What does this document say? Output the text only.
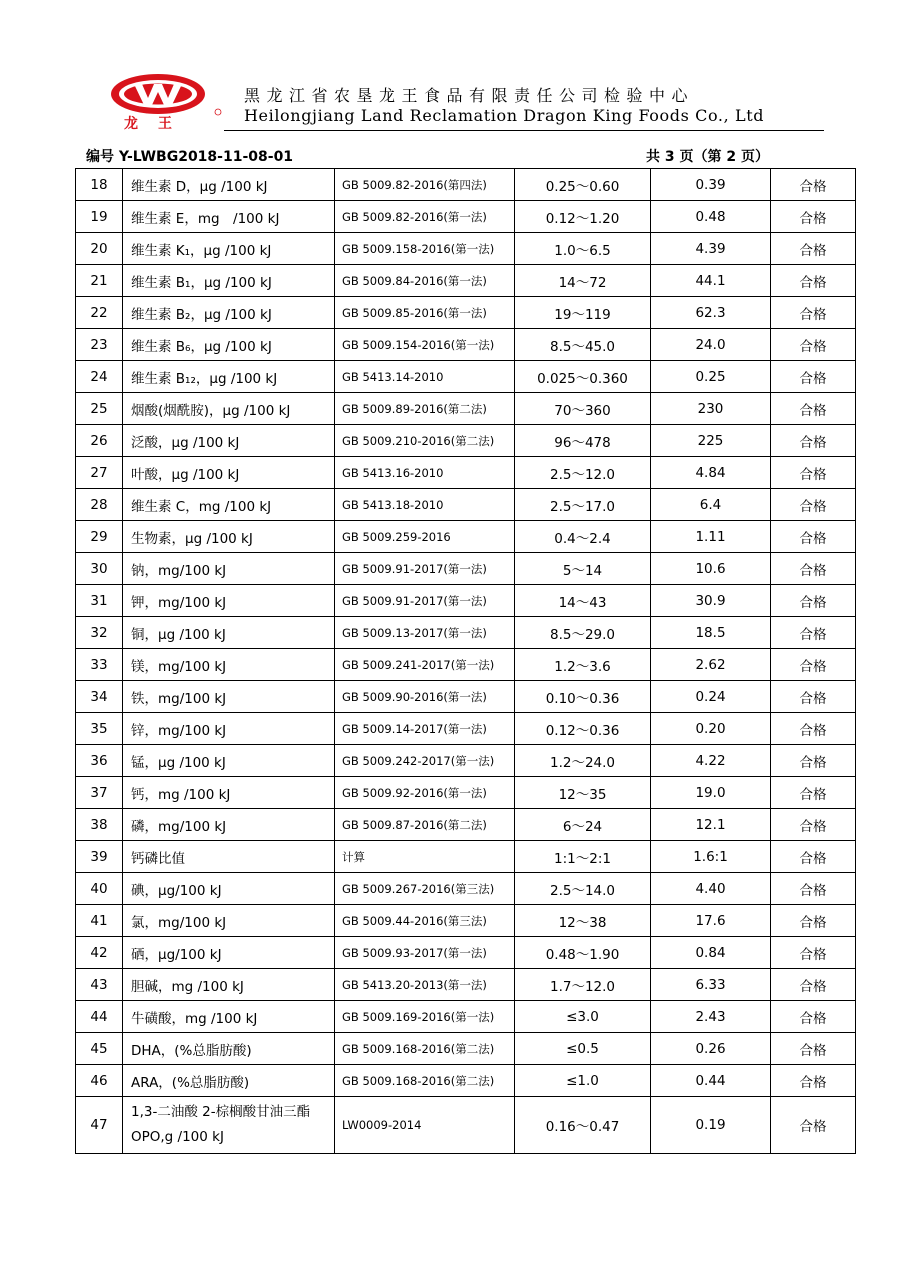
龙王
黑龙江省农垦龙王食品有限责任公司检验中心
Heilongjiang Land Reclamation Dragon King Foods Co., Ltd
编号 Y-LWBG2018-11-08-01	共 3 页（第 2 页）
18	维生素 D，μg /100 kJ	GB 5009.82-2016(第四法)	0.25～0.60	0.39	合格
19	维生素 E，mg　/100 kJ	GB 5009.82-2016(第一法)	0.12～1.20	0.48	合格
20	维生素 K₁，μg /100 kJ	GB 5009.158-2016(第一法)	1.0～6.5	4.39	合格
21	维生素 B₁，μg /100 kJ	GB 5009.84-2016(第一法)	14～72	44.1	合格
22	维生素 B₂，μg /100 kJ	GB 5009.85-2016(第一法)	19～119	62.3	合格
23	维生素 B₆，μg /100 kJ	GB 5009.154-2016(第一法)	8.5～45.0	24.0	合格
24	维生素 B₁₂，μg /100 kJ	GB 5413.14-2010	0.025～0.360	0.25	合格
25	烟酸(烟酰胺)，μg /100 kJ	GB 5009.89-2016(第二法)	70～360	230	合格
26	泛酸，μg /100 kJ	GB 5009.210-2016(第二法)	96～478	225	合格
27	叶酸，μg /100 kJ	GB 5413.16-2010	2.5～12.0	4.84	合格
28	维生素 C，mg /100 kJ	GB 5413.18-2010	2.5～17.0	6.4	合格
29	生物素，μg /100 kJ	GB 5009.259-2016	0.4～2.4	1.11	合格
30	钠，mg/100 kJ	GB 5009.91-2017(第一法)	5～14	10.6	合格
31	钾，mg/100 kJ	GB 5009.91-2017(第一法)	14～43	30.9	合格
32	铜，μg /100 kJ	GB 5009.13-2017(第一法)	8.5～29.0	18.5	合格
33	镁，mg/100 kJ	GB 5009.241-2017(第一法)	1.2～3.6	2.62	合格
34	铁，mg/100 kJ	GB 5009.90-2016(第一法)	0.10～0.36	0.24	合格
35	锌，mg/100 kJ	GB 5009.14-2017(第一法)	0.12～0.36	0.20	合格
36	锰，μg /100 kJ	GB 5009.242-2017(第一法)	1.2～24.0	4.22	合格
37	钙，mg /100 kJ	GB 5009.92-2016(第一法)	12～35	19.0	合格
38	磷，mg/100 kJ	GB 5009.87-2016(第二法)	6～24	12.1	合格
39	钙磷比值	计算	1:1～2:1	1.6:1	合格
40	碘，μg/100 kJ	GB 5009.267-2016(第三法)	2.5～14.0	4.40	合格
41	氯，mg/100 kJ	GB 5009.44-2016(第三法)	12～38	17.6	合格
42	硒，μg/100 kJ	GB 5009.93-2017(第一法)	0.48～1.90	0.84	合格
43	胆碱，mg /100 kJ	GB 5413.20-2013(第一法)	1.7～12.0	6.33	合格
44	牛磺酸，mg /100 kJ	GB 5009.169-2016(第一法)	≤3.0	2.43	合格
45	DHA，(%总脂肪酸)	GB 5009.168-2016(第二法)	≤0.5	0.26	合格
46	ARA，(%总脂肪酸)	GB 5009.168-2016(第二法)	≤1.0	0.44	合格
47	1,3-二油酸 2-棕榈酸甘油三酯 OPO,g /100 kJ	LW0009-2014	0.16～0.47	0.19	合格
